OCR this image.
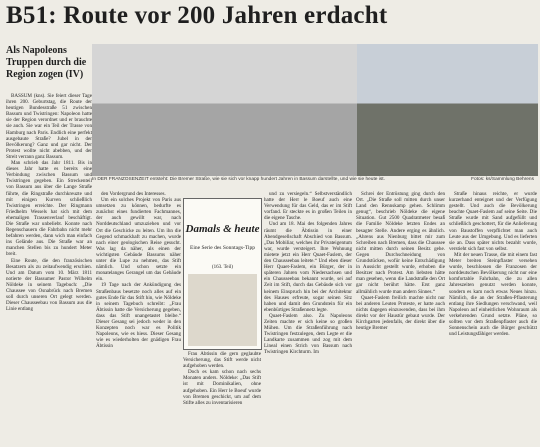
B51: Route vor 200 Jahren erdacht
Als Napoleons Truppen durch die Region zogen (IV)
In DER FRANZOSENZEIT entsteht: Die Bremer Straße, wie sie sich vor knapp hundert Jahren in Bassum darstellte, und wie sie heute ist.	Fotos: ks/Sammlung Behrens

BASSUM (kns). Sie feiert dieser Tage ihren 200. Geburtstag, die Route der heutigen Bundesstraße 51 zwischen Bassum und Twistringen: Napoleon hatte sie der Region verordnet und er brauchte sie auch. Sie war ein Teil der Trasse von Hamburg nach Paris. Endlich eine perfekt ausgebaute Straße? Jubel in der Bevölkerung? Ganz und gar nicht. Der Protest wollte nicht abebben, und der Streit verrann ganz Bassum.

Man schrieb das Jahr 1811. Bis in dieses Jahr hatte es bereits eine Verbindung zwischen Bassum und Twistringen gegeben. Ein Streckenteil von Bassum aus über die Lange Straße führte, die Ringstraße durchkreuzte und mit einigen Kurven schließlich Twistringen erreichte. Der Ringmann Friedhelm Wessels hat sich mit dem ehemaligen Trassenverlauf beschäftigt. Die Straße war unbeliebt. Konnte nach Regenschauern die Fahrbahn nicht mehr befahren werden, dann wich man einfach ins Gelände aus. Die Straße war an manchen Stellen bis zu hundert Meter breit.

Eine Route, die den französischen Besatzern als zu zeitaufwendig erschien. Und am Datum vom 10. März 1811 notierte der Bassumer Pastor Wilhelm Nöldeke in seinem Tagebuch: „Die Chaussee von Osnabrück nach Bremen soll durch unseren Ort gelegt werden. Dieser Chausseebau von Bassum aus die Linie entlang

den Vordergrund des Interesses.

Um ein solches Projekt von Paris aus umsetzen zu können, bedurfte es zunächst eines fundierten Fachmannes, der auch gewillt war, nach Norddeutschland umzuziehen und vor Ort die Geschicke zu leiten. Um ihn die Gegend schmackhaft zu machen, wurde nach einer geologischen Reise gesucht. Was lag da näher, als einen der wichtigsten Gebäude Bassums näher unter die Lupe zu nehmen, das Stift nämlich. Und schon setzte ein monatelanges Gerangel um das Gebäude ein.

19 Tage nach der Ankündigung des Straßenbaus besetzte noch alles auf ein gutes Ende für das Stift hin, wie Nöldeke in seinem Tagebuch schreibt: „Frau Äbtissin hatte die Versicherung gegeben, dass das Stift unangetastet bleibe.“ Dieser Gesang sei jedoch weder in den Konzepten noch war es Politik Napoleons, wie es hiess. Dieser Gesang wie es wiederholten der gnädigen Frau Äbtissin

Damals & heute
Eine Serie des Sonntags-Tipp
(163. Teil)

Frau Äbtissin die gern geglaubte Versicherung, das Stift werde nicht aufgehoben werden.

Doch es kam schon nach sechs Monaten anders. Nöldeke: „Das Stift ist mit Dominikalien, ohne aufgehoben. Ein Herr le Boeuf wurde von Bremen geschickt, um auf dem Stifte alles zu inventarisieren

und zu versiegeln.“ Selbstverständlich hatte der Herr le Boeuf auch eine Verwendung für das Geld, das er im Stift vorfand. Er steckte es in großen Teilen in die eigene Tasche.

Und am 18. Mai des folgenden Jahres räumt die Äbtissin in einer Abendgesellschaft Abschied von Bassum. „Das Mobiliar, welches ihr Privateigentum war, wurde versteigert. Ihre Wohnung mietete jetzt ein Herr Quaet-Faslem, der den Chausseebau leitete.“ Und eben dieser Herr Quaet-Faslem, ein Bürger, der in späteren Jahren vom Niedersachsen und ein Chausseebau bekannt wurde, sei auf Zeit im Stift, durch das Gebäude sich vor keinem Einspruch hin bei der Architektur des Hauses erfreute, sogar seinen Sitz haben und damit den Grundstein für ein ebenbürtiges Straßennetz legte.

Quaet-Faslem also. Zu Napoleons Zeiten machte er sich keine so großen Mühen. Um die Straßenführung nach Twistringen festzulegen, dem Legte er die Landkarte zusammen und zog mit dem Lineal einen Strich von Bassum nach Twistringen Kirchturm. Im

Schrei der Entrüstung ging durch den Ort. „Die Straße soll mitten durch unser Land den Rennskamp gehen. Schlimm genug“, beschrieb Nöldeke die eigene Situation. Gut 2500 Quadratmeter besaß die Familie Nöldeke letzten Endes an besagter Stelle. Andere erging es ähnlich. „Ahrens aus Nienburg bittet mir zum Schreiben nach Bremen, dass die Chaussee nicht mitten durch seinen Besitz gehe. Gegen Durchschneidung von Grundstücken, wofür keine Entschädigung in Aussicht gestellt wurde, erhoben die Besitzer nach Protest. Am liebsten hätte man gesehen, wenn die Landstraße den Ort gar nicht berührt hätte. Erst ganz allmählich wurde man andern Sinnes.“

Quaet-Faslem freilich machte nicht nur bei anderen Leuten Proteste, er hatte auch nichts dagegen einzuwenden, dass bei ihm direkt vor der Haustür gebaut wurde. Der Kirchgarten jedenfalls, der direkt über die heutige Bremer

Straße hinaus reichte, er wurde kurzerhand enteignet und der Verfügung gestellt. Und auch die Bevölkerung beachte Quaet-Faslem auf seine Seite. Die Straße wurde mit Sand aufgefüllt und schließlich geschottert, für die Anlieferung von Baustoffen verpflichtet man auch Leute aus der Umgebung. Und es lieferten sie an. Dass später nichts bezahlt wurde, verstieht sich fast von selbst.

Mit der neuen Trasse, die mit einem fast Meter breiten Steinpflaster versehen wurde, beschlossen die Franzosen der norddeutschen Bevölkerung nicht nur eine komfortable Fahrbahn, die zu allen Jahreszeiten genutzt werden konnte, sondern es kam noch etwas Neues hinzu. Nämlich, die an der Straßen-Pflasterung entlang ihre Siedlungen verschwand, weil Napoleon auf einheitlichen Wohnraum als verkehrenden Grund setzte. Pläne, so sollten vor dem Straßenpflaster auch die Sonnenschein auch die Bürger geschützt und Leistungsfähiger werden.
